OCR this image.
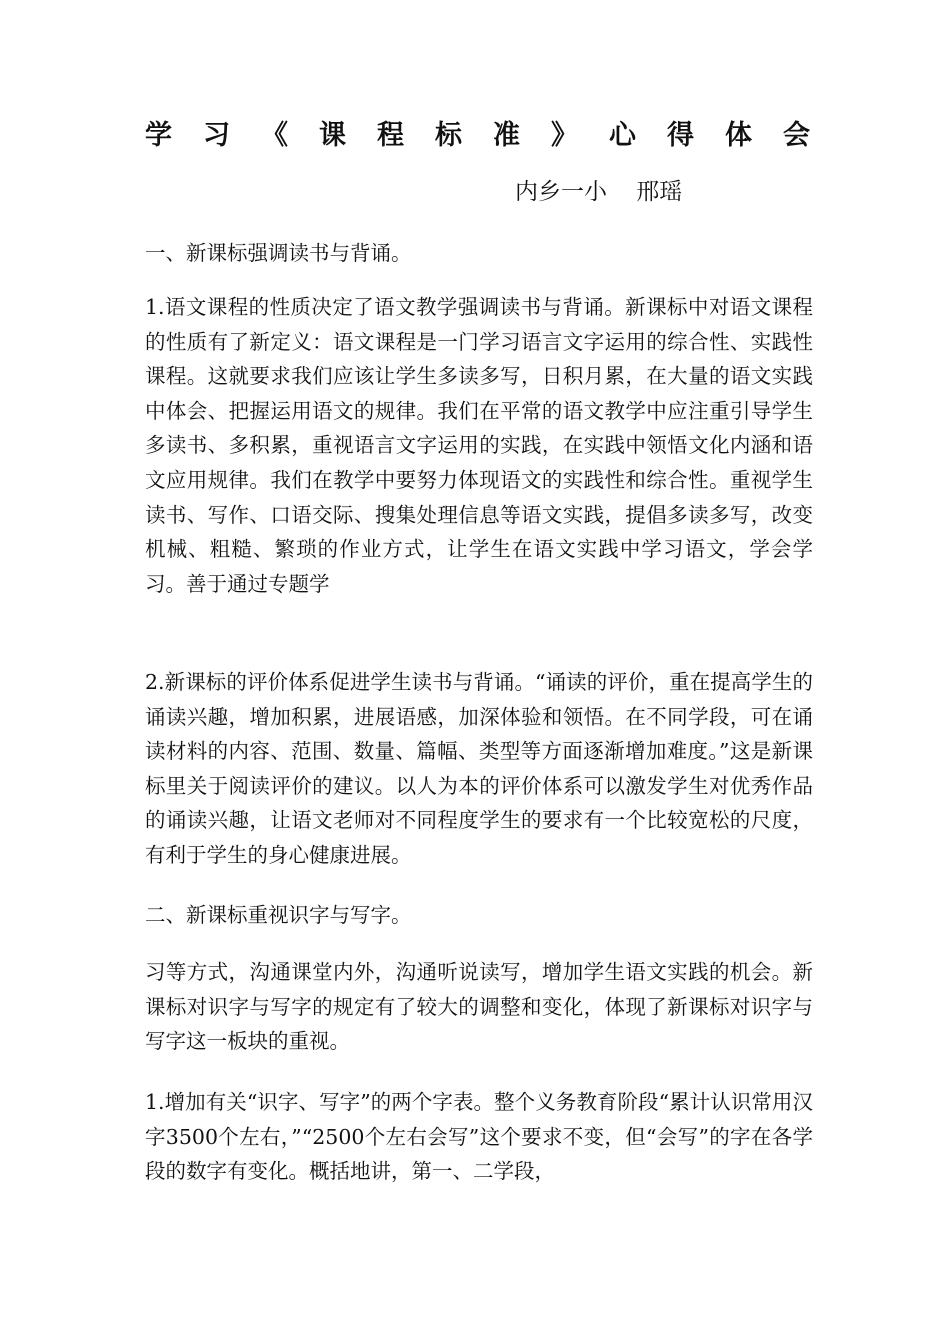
学 习 《 课 程 标 准 》 心 得 体 会
内乡一小    邢瑶

一、新课标强调读书与背诵。

1.语文课程的性质决定了语文教学强调读书与背诵。新课标中对语文课程的性质有了新定义：语文课程是一门学习语言文字运用的综合性、实践性课程。这就要求我们应该让学生多读多写，日积月累，在大量的语文实践中体会、把握运用语文的规律。我们在平常的语文教学中应注重引导学生多读书、多积累，重视语言文字运用的实践，在实践中领悟文化内涵和语文应用规律。我们在教学中要努力体现语文的实践性和综合性。重视学生读书、写作、口语交际、搜集处理信息等语文实践，提倡多读多写，改变机械、粗糙、繁琐的作业方式，让学生在语文实践中学习语文，学会学习。善于通过专题学

2.新课标的评价体系促进学生读书与背诵。“诵读的评价，重在提高学生的诵读兴趣，增加积累，进展语感，加深体验和领悟。在不同学段，可在诵读材料的内容、范围、数量、篇幅、类型等方面逐渐增加难度。”这是新课标里关于阅读评价的建议。以人为本的评价体系可以激发学生对优秀作品的诵读兴趣，让语文老师对不同程度学生的要求有一个比较宽松的尺度，有利于学生的身心健康进展。

二、新课标重视识字与写字。

习等方式，沟通课堂内外，沟通听说读写，增加学生语文实践的机会。新课标对识字与写字的规定有了较大的调整和变化，体现了新课标对识字与写字这一板块的重视。

1.增加有关“识字、写字”的两个字表。整个义务教育阶段“累计认识常用汉字3500个左右，”“2500个左右会写”这个要求不变，但“会写”的字在各学段的数字有变化。概括地讲，第一、二学段，
